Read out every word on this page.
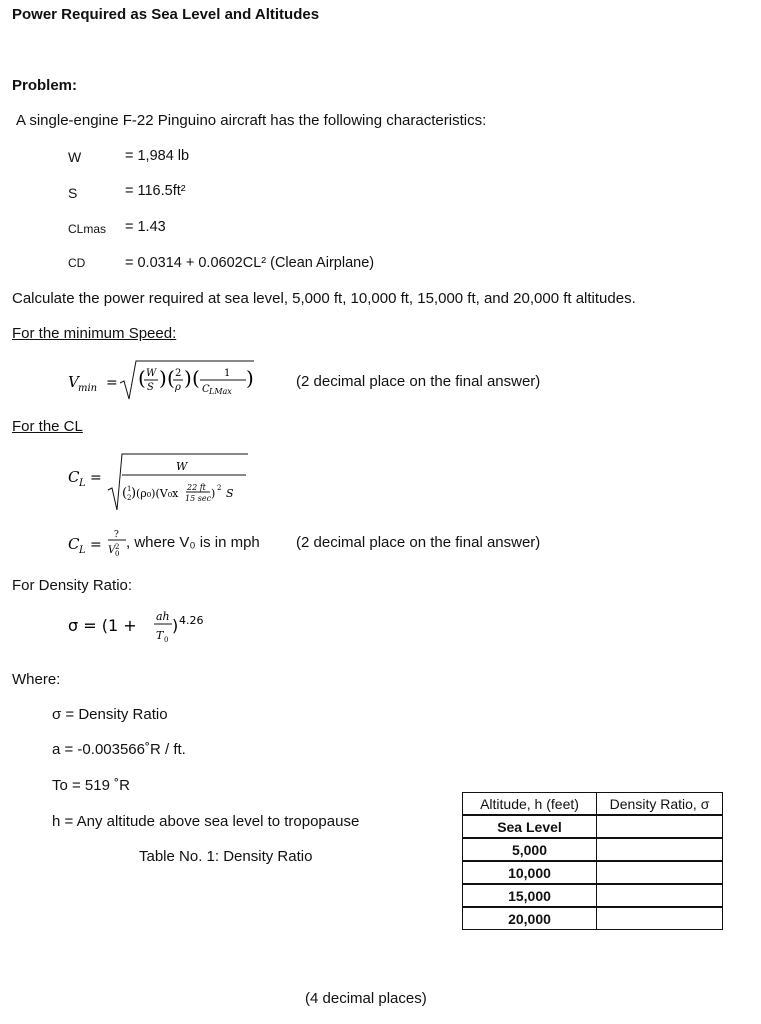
Power Required as Sea Level and Altitudes
Problem:
A single-engine F-22 Pinguino aircraft has the following characteristics:
W	= 1,984 lb
S	= 116.5ft²
CLmas = 1.43
CD	= 0.0314 + 0.0602CL² (Clean Airplane)
Calculate the power required at sea level, 5,000 ft, 10,000 ft, 15,000 ft, and 20,000 ft altitudes.
For the minimum Speed:
V min = ( W
S ) ( 2
ρ ) ( 1
C LMax
)	(2 decimal place on the final answer)
For the CL
C L =
W
( 1
2 ) (ρ₀)(V₀x 22 ft
15 sec ) 2 S
C L =
?
V 2
0
, where V₀ is in mph (2 decimal place on the final answer)
For Density Ratio:
σ = (1 + ah
T 0
) 4.26
Where:
σ = Density Ratio
a = -0.003566˚R / ft.
To = 519 ˚R
h = Any altitude above sea level to tropopause
Table No. 1: Density Ratio
Altitude, h (feet)	Density Ratio, σ
Sea Level	
5,000	
10,000	
15,000	
20,000	
(4 decimal places)
